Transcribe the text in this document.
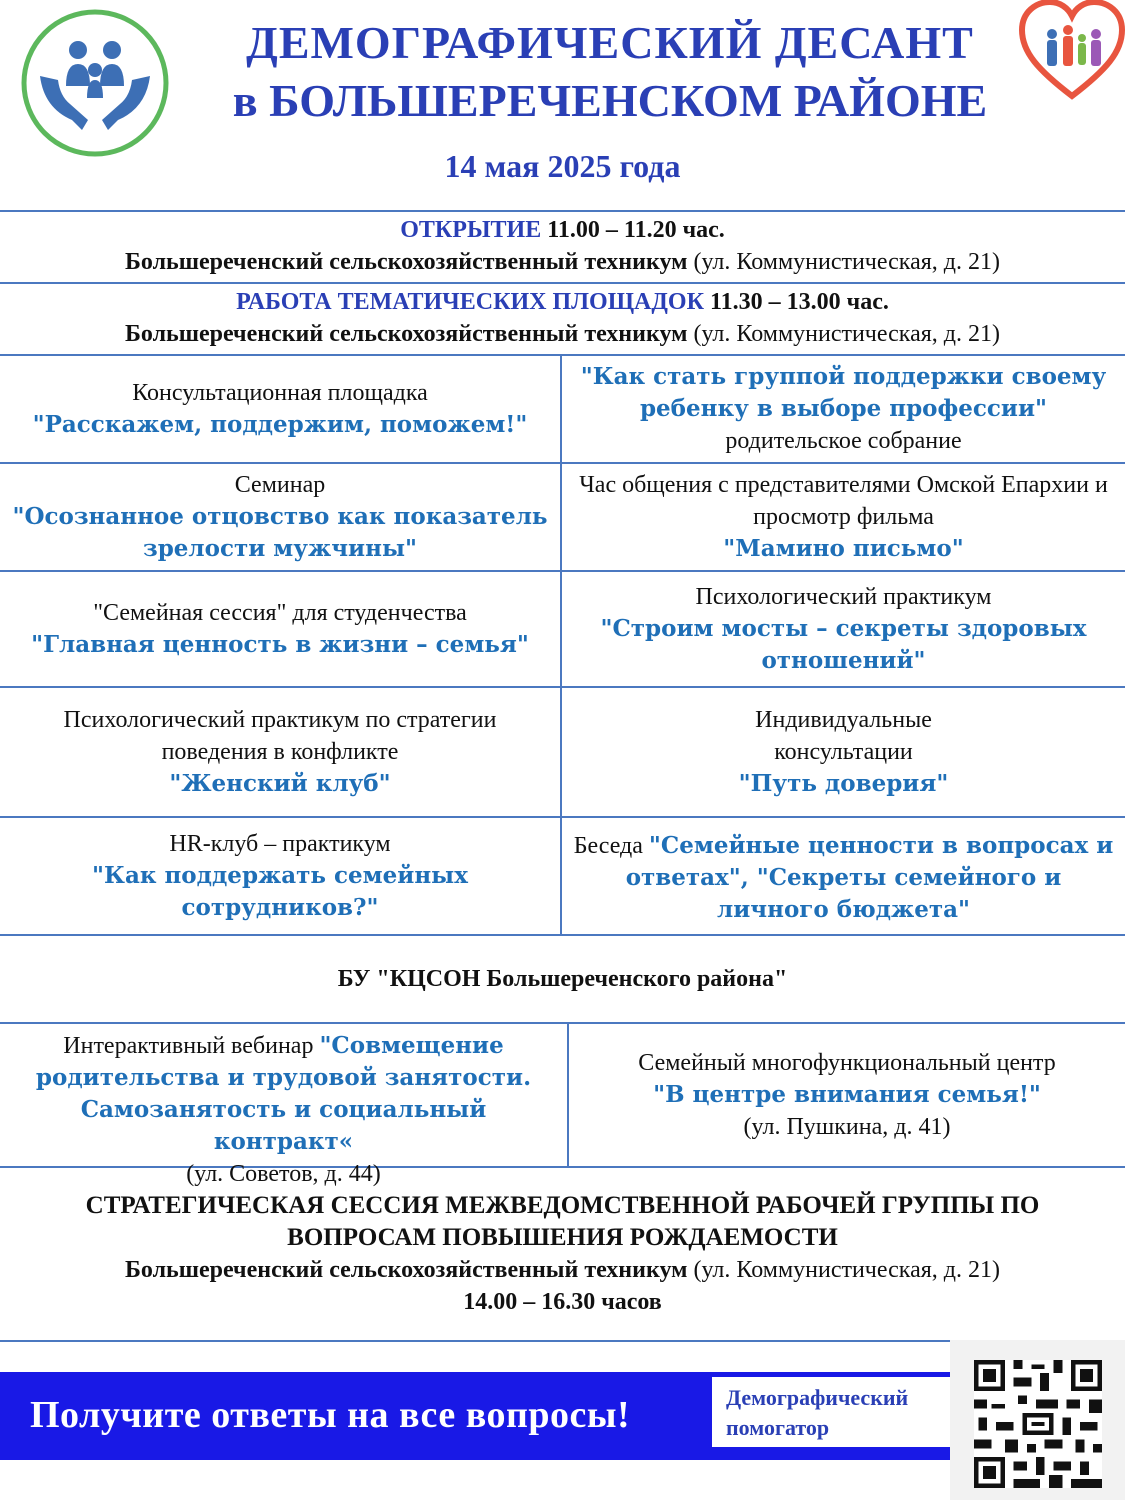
ДЕМОГРАФИЧЕСКИЙ ДЕСАНТ
в БОЛЬШЕРЕЧЕНСКОМ РАЙОНЕ
14 мая 2025 года
ОТКРЫТИЕ 11.00 – 11.20 час.
Большереченский сельскохозяйственный техникум (ул. Коммунистическая, д. 21)
РАБОТА ТЕМАТИЧЕСКИХ ПЛОЩАДОК 11.30 – 13.00 час.
Большереченский сельскохозяйственный техникум (ул. Коммунистическая, д. 21)
Консультационная площадка
"Расскажем, поддержим, поможем!"
"Как стать группой поддержки своему ребенку в выборе профессии"
родительское собрание
Семинар
"Осознанное отцовство как показатель зрелости мужчины"
Час общения с представителями Омской Епархии и просмотр фильма
"Мамино письмо"
"Семейная сессия" для студенчества
"Главная ценность в жизни – семья"
Психологический практикум
"Строим мосты – секреты здоровых отношений"
Психологический практикум по стратегии поведения в конфликте
"Женский клуб"
Индивидуальные консультации
"Путь доверия"
HR-клуб – практикум
"Как поддержать семейных сотрудников?"
Беседа "Семейные ценности в вопросах и ответах", "Секреты семейного и личного бюджета"
БУ "КЦСОН Большереченского района"
Интерактивный вебинар "Совмещение родительства и трудовой занятости. Самозанятость и социальный контракт«
(ул. Советов, д. 44)
Семейный многофункциональный центр
"В центре внимания семья!"
(ул. Пушкина, д. 41)
СТРАТЕГИЧЕСКАЯ СЕССИЯ МЕЖВЕДОМСТВЕННОЙ РАБОЧЕЙ ГРУППЫ ПО ВОПРОСАМ ПОВЫШЕНИЯ РОЖДАЕМОСТИ
Большереченский сельскохозяйственный техникум (ул. Коммунистическая, д. 21)
14.00 – 16.30 часов
Получите ответы на все вопросы!	Демографический
помогатор
